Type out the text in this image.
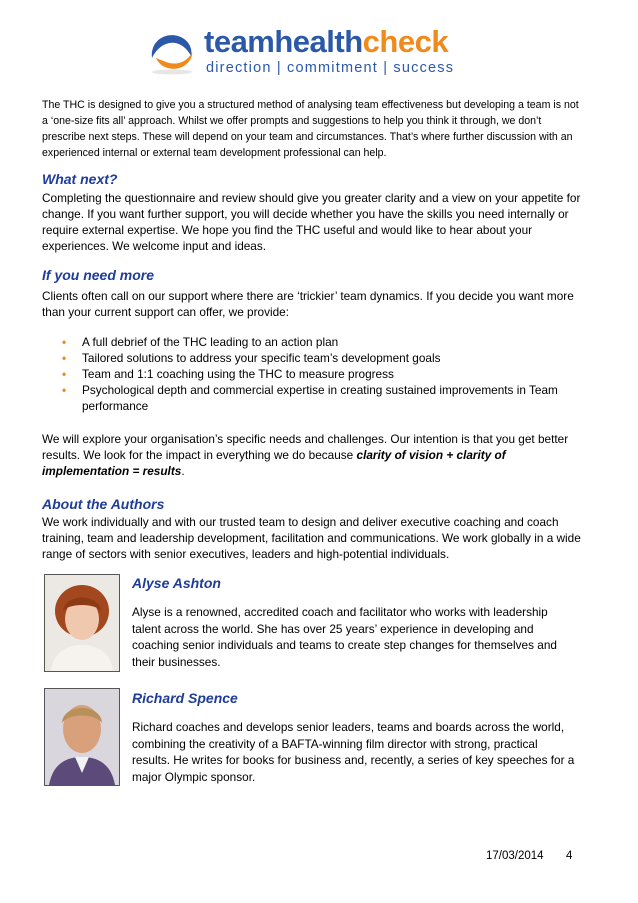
teamhealthcheck
direction | commitment | success

The THC is designed to give you a structured method of analysing team effectiveness but developing a team is not a ‘one-size fits all’ approach. Whilst we offer prompts and suggestions to help you think it through, we don’t prescribe next steps. These will depend on your team and circumstances. That’s where further discussion with an experienced internal or external team development professional can help.

What next?

Completing the questionnaire and review should give you greater clarity and a view on your appetite for change. If you want further support, you will decide whether you have the skills you need internally or require external expertise. We hope you find the THC useful and would like to hear about your experiences. We welcome input and ideas.

If you need more

Clients often call on our support where there are ‘trickier’ team dynamics. If you decide you want more than your current support can offer, we provide:

• A full debrief of the THC leading to an action plan
• Tailored solutions to address your specific team’s development goals
• Team and 1:1 coaching using the THC to measure progress
• Psychological depth and commercial expertise in creating sustained improvements in Team performance

We will explore your organisation’s specific needs and challenges. Our intention is that you get better results. We look for the impact in everything we do because clarity of vision + clarity of implementation = results.

About the Authors

We work individually and with our trusted team to design and deliver executive coaching and coach training, team and leadership development, facilitation and communications. We work globally in a wide range of sectors with senior executives, leaders and high-potential individuals.

Alyse Ashton

Alyse is a renowned, accredited coach and facilitator who works with leadership talent across the world. She has over 25 years’ experience in developing and coaching senior individuals and teams to create step changes for themselves and their businesses.

Richard Spence

Richard coaches and develops senior leaders, teams and boards across the world, combining the creativity of a BAFTA-winning film director with strong, practical results. He writes for books for business and, recently, a series of key speeches for a major Olympic sponsor.

17/03/2014 4
